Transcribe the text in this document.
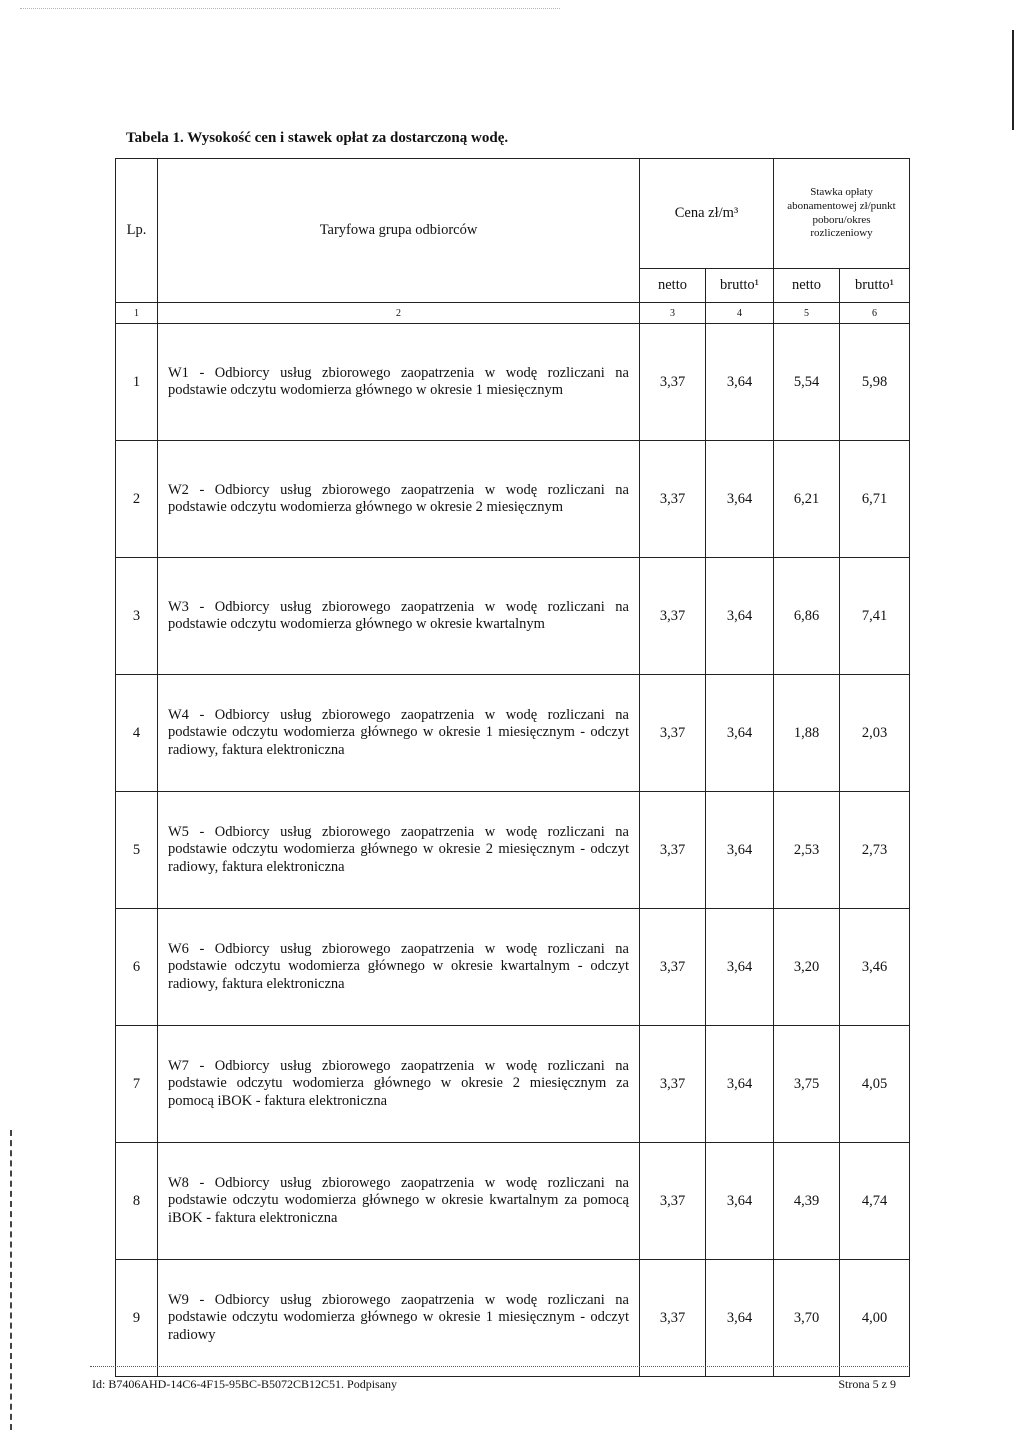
Tabela 1. Wysokość cen i stawek opłat za dostarczoną wodę.
Lp.	Taryfowa grupa odbiorców	Cena zł/m³		Stawka opłaty abonamentowej zł/punkt poboru/okres rozliczeniowy	
		netto	brutto¹	netto	brutto¹
1	2	3	4	5	6
1	W1 - Odbiorcy usług zbiorowego zaopatrzenia w wodę rozliczani na podstawie odczytu wodomierza głównego w okresie 1 miesięcznym	3,37	3,64	5,54	5,98
2	W2 - Odbiorcy usług zbiorowego zaopatrzenia w wodę rozliczani na podstawie odczytu wodomierza głównego w okresie 2 miesięcznym	3,37	3,64	6,21	6,71
3	W3 - Odbiorcy usług zbiorowego zaopatrzenia w wodę rozliczani na podstawie odczytu wodomierza głównego w okresie kwartalnym	3,37	3,64	6,86	7,41
4	W4 - Odbiorcy usług zbiorowego zaopatrzenia w wodę rozliczani na podstawie odczytu wodomierza głównego w okresie 1 miesięcznym - odczyt radiowy, faktura elektroniczna	3,37	3,64	1,88	2,03
5	W5 - Odbiorcy usług zbiorowego zaopatrzenia w wodę rozliczani na podstawie odczytu wodomierza głównego w okresie 2 miesięcznym - odczyt radiowy, faktura elektroniczna	3,37	3,64	2,53	2,73
6	W6 - Odbiorcy usług zbiorowego zaopatrzenia w wodę rozliczani na podstawie odczytu wodomierza głównego w okresie kwartalnym - odczyt radiowy, faktura elektroniczna	3,37	3,64	3,20	3,46
7	W7 - Odbiorcy usług zbiorowego zaopatrzenia w wodę rozliczani na podstawie odczytu wodomierza głównego w okresie 2 miesięcznym za pomocą iBOK - faktura elektroniczna	3,37	3,64	3,75	4,05
8	W8 - Odbiorcy usług zbiorowego zaopatrzenia w wodę rozliczani na podstawie odczytu wodomierza głównego w okresie kwartalnym za pomocą iBOK - faktura elektroniczna	3,37	3,64	4,39	4,74
9	W9 - Odbiorcy usług zbiorowego zaopatrzenia w wodę rozliczani na podstawie odczytu wodomierza głównego w okresie 1 miesięcznym - odczyt radiowy	3,37	3,64	3,70	4,00
Id: B7406AHD-14C6-4F15-95BC-B5072CB12C51. Podpisany	Strona 5 z 9
